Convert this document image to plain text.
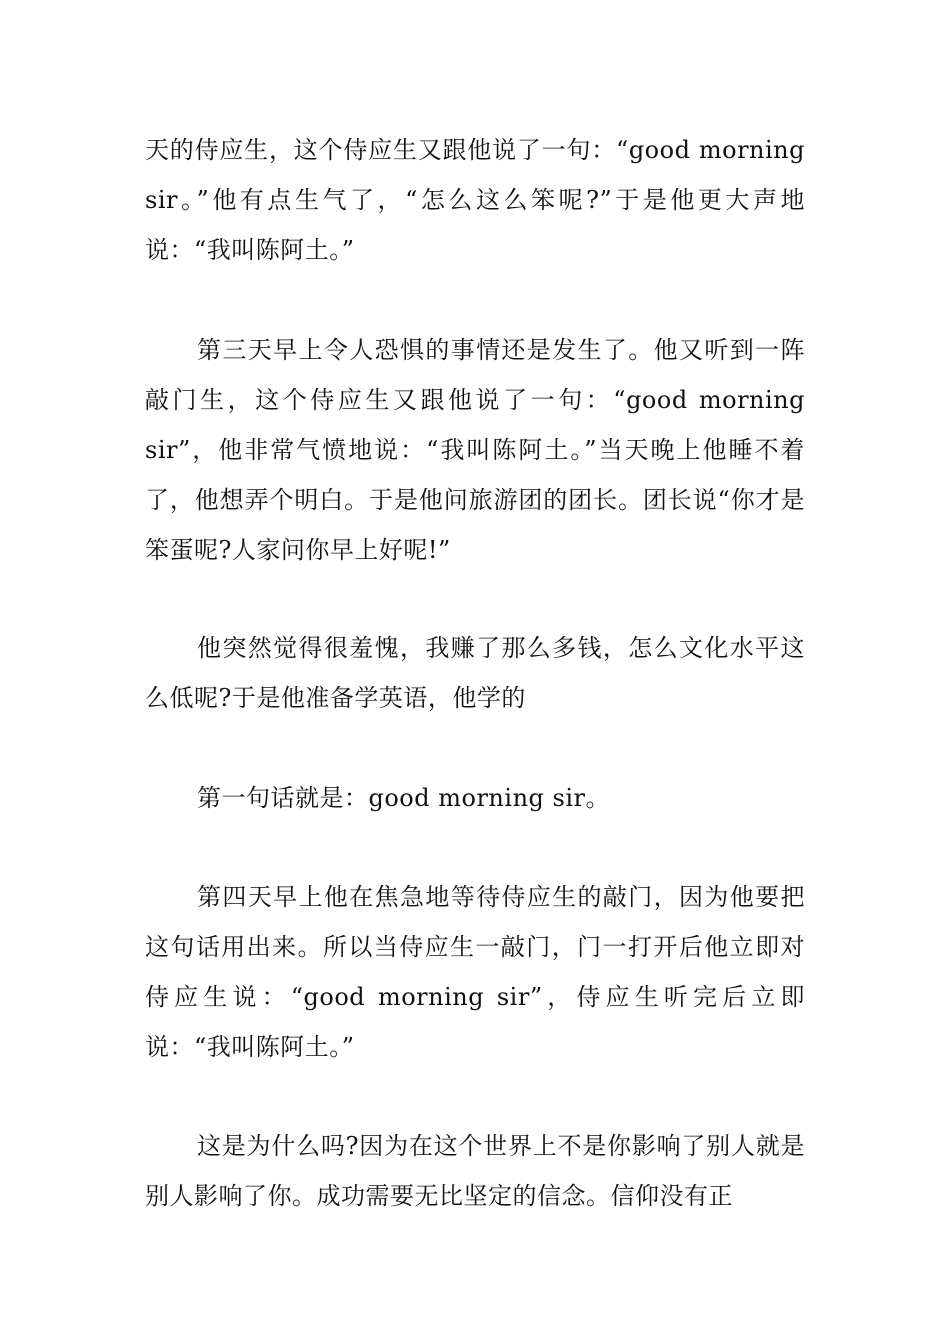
天的侍应生，这个侍应生又跟他说了一句：“good morning sir。”他有点生气了，“怎么这么笨呢?”于是他更大声地说：“我叫陈阿土。”

第三天早上令人恐惧的事情还是发生了。他又听到一阵敲门生，这个侍应生又跟他说了一句：“good morning sir”，他非常气愤地说：“我叫陈阿土。”当天晚上他睡不着了，他想弄个明白。于是他问旅游团的团长。团长说“你才是笨蛋呢?人家问你早上好呢!”

他突然觉得很羞愧，我赚了那么多钱，怎么文化水平这么低呢?于是他准备学英语，他学的

第一句话就是：good morning sir。

第四天早上他在焦急地等待侍应生的敲门，因为他要把这句话用出来。所以当侍应生一敲门，门一打开后他立即对侍应生说：“good morning sir”，侍应生听完后立即说：“我叫陈阿土。”

这是为什么吗?因为在这个世界上不是你影响了别人就是别人影响了你。成功需要无比坚定的信念。信仰没有正
